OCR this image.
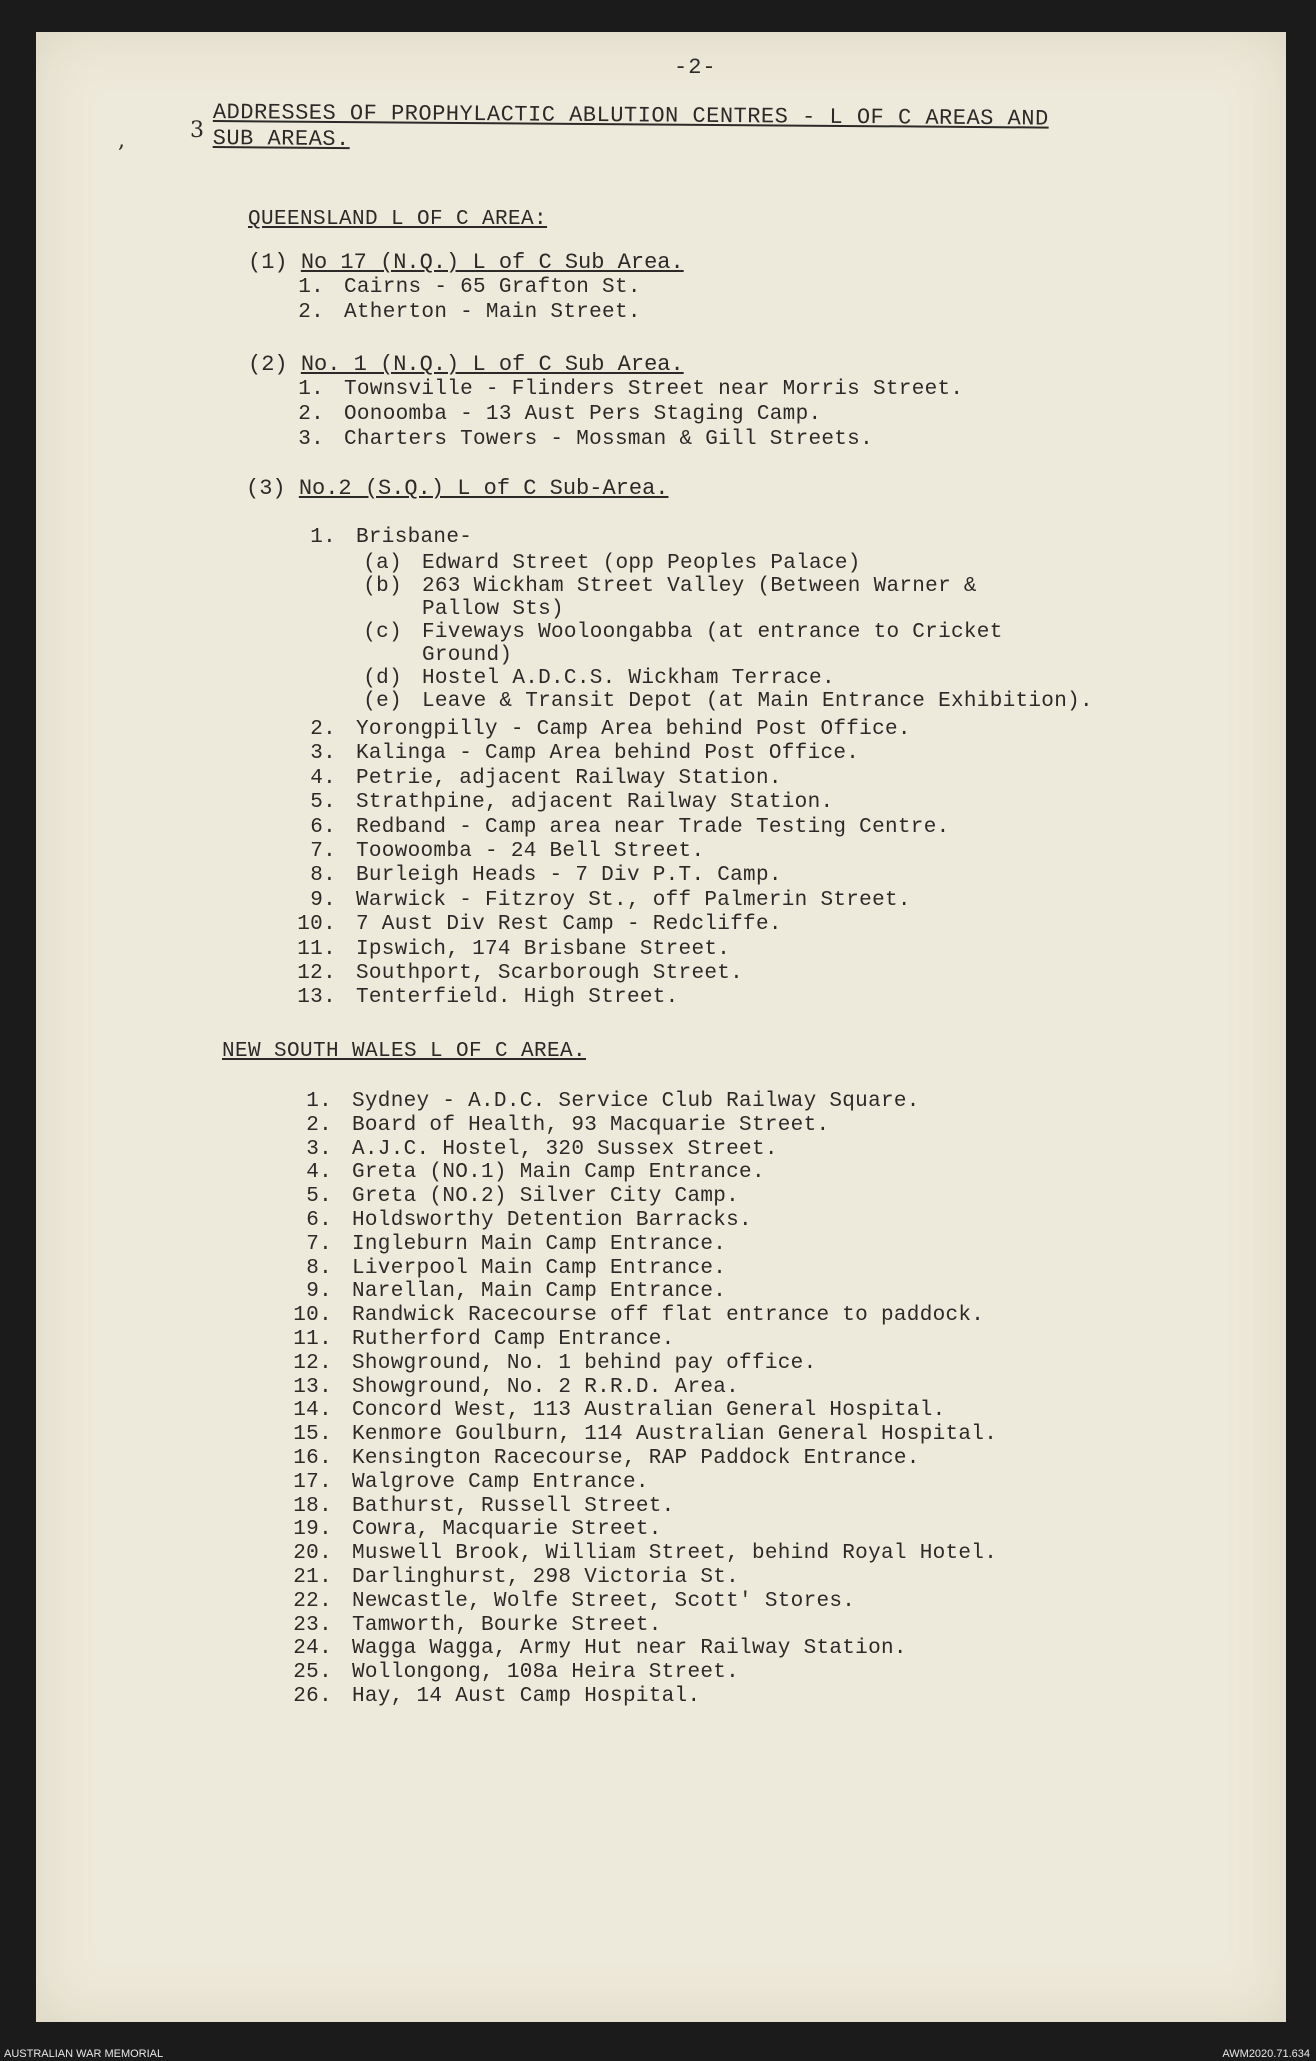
-2-
,	3 ADDRESSES OF PROPHYLACTIC ABLUTION CENTRES - L OF C AREAS AND SUB AREAS.
QUEENSLAND L OF C AREA:
(1) No 17 (N.Q.) L of C Sub Area.
1. Cairns - 65 Grafton St.
2. Atherton - Main Street.
(2) No. 1 (N.Q.) L of C Sub Area.
1. Townsville - Flinders Street near Morris Street.
2. Oonoomba - 13 Aust Pers Staging Camp.
3. Charters Towers - Mossman & Gill Streets.
(3) No.2 (S.Q.) L of C Sub-Area.
1. Brisbane-
(a) Edward Street (opp Peoples Palace)
(b) 263 Wickham Street Valley (Between Warner &
Pallow Sts)
(c) Fiveways Wooloongabba (at entrance to Cricket
Ground)
(d) Hostel A.D.C.S. Wickham Terrace.
(e) Leave & Transit Depot (at Main Entrance Exhibition).
2. Yorongpilly - Camp Area behind Post Office.
3. Kalinga - Camp Area behind Post Office.
4. Petrie, adjacent Railway Station.
5. Strathpine, adjacent Railway Station.
6. Redband - Camp area near Trade Testing Centre.
7. Toowoomba - 24 Bell Street.
8. Burleigh Heads - 7 Div P.T. Camp.
9. Warwick - Fitzroy St., off Palmerin Street.
10. 7 Aust Div Rest Camp - Redcliffe.
11. Ipswich, 174 Brisbane Street.
12. Southport, Scarborough Street.
13. Tenterfield. High Street.
NEW SOUTH WALES L OF C AREA.
1. Sydney - A.D.C. Service Club Railway Square.
2. Board of Health, 93 Macquarie Street.
3. A.J.C. Hostel, 320 Sussex Street.
4. Greta (NO.1) Main Camp Entrance.
5. Greta (NO.2) Silver City Camp.
6. Holdsworthy Detention Barracks.
7. Ingleburn Main Camp Entrance.
8. Liverpool Main Camp Entrance.
9. Narellan, Main Camp Entrance.
10. Randwick Racecourse off flat entrance to paddock.
11. Rutherford Camp Entrance.
12. Showground, No. 1 behind pay office.
13. Showground, No. 2 R.R.D. Area.
14. Concord West, 113 Australian General Hospital.
15. Kenmore Goulburn, 114 Australian General Hospital.
16. Kensington Racecourse, RAP Paddock Entrance.
17. Walgrove Camp Entrance.
18. Bathurst, Russell Street.
19. Cowra, Macquarie Street.
20. Muswell Brook, William Street, behind Royal Hotel.
21. Darlinghurst, 298 Victoria St.
22. Newcastle, Wolfe Street, Scott' Stores.
23. Tamworth, Bourke Street.
24. Wagga Wagga, Army Hut near Railway Station.
25. Wollongong, 108a Heira Street.
26. Hay, 14 Aust Camp Hospital.
AUSTRALIAN WAR MEMORIAL	AWM2020.71.634
